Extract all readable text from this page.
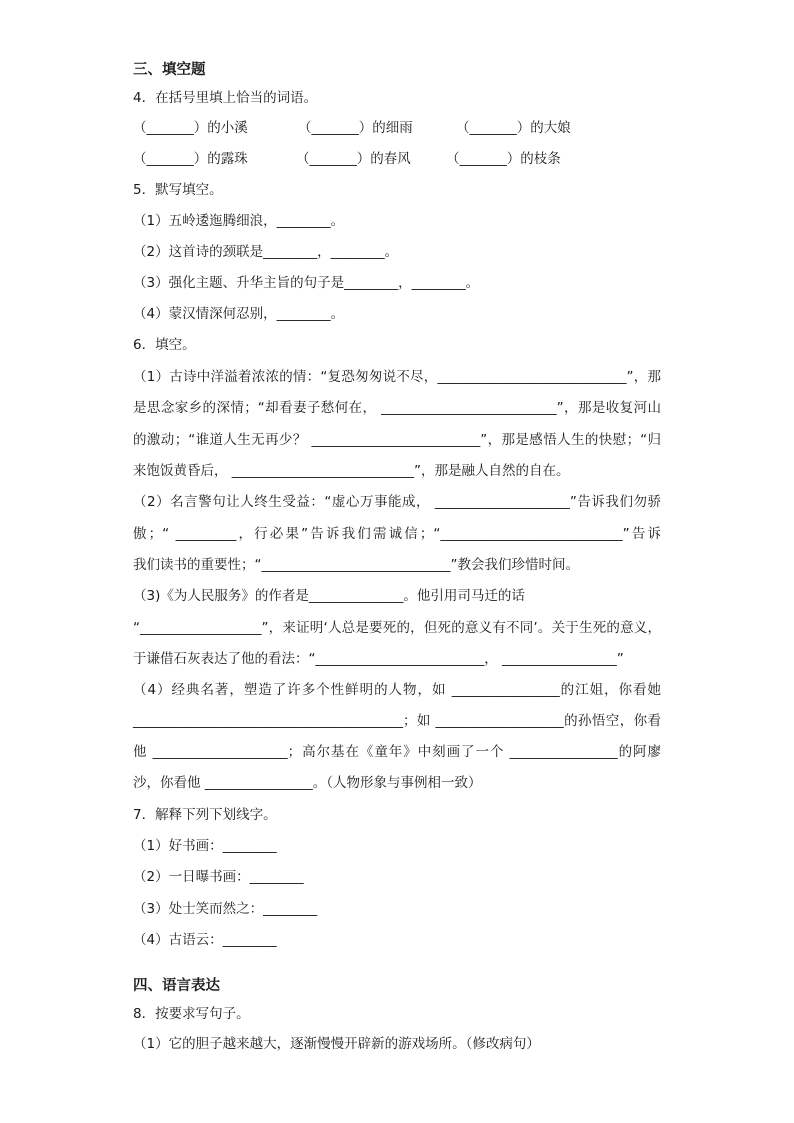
三、填空题
4．在括号里填上恰当的词语。
（_______）的小溪	（_______）的细雨	（_______）的大娘
（_______）的露珠	（_______）的春风	（_______）的枝条
5．默写填空。
（1）五岭逶迤腾细浪，________。
（2）这首诗的颈联是________，________。
（3）强化主题、升华主旨的句子是________，________。
（4）蒙汉情深何忍别，________。
6．填空。
（1）古诗中洋溢着浓浓的情：“复恐匆匆说不尽，____________________________”，那
是思念家乡的深情；“却看妻子愁何在， __________________________”，那是收复河山
的激动；“谁道人生无再少？ _________________________”，那是感悟人生的快慰；“归
来饱饭黄昏后， ___________________________”，那是融人自然的自在。
（2）名言警句让人终生受益：“虚心万事能成， ____________________”告诉我们勿骄
傲；“ _________，行必果”告诉我们需诚信；“___________________________”告诉
我们读书的重要性；“____________________________”教会我们珍惜时间。
（3)《为人民服务》的作者是______________。他引用司马迁的话
“__________________”，来证明‘人总是要死的，但死的意义有不同’。关于生死的意义，
于谦借石灰表达了他的看法：“_________________________， _________________”
（4）经典名著，塑造了许多个性鲜明的人物，如 ________________的江姐，你看她
________________________________________；如 ___________________的孙悟空，你看
他 ____________________；高尔基在《童年》中刻画了一个 ________________的阿廖
沙，你看他 ________________。（人物形象与事例相一致）
7．解释下列下划线字。
（1）好书画：________
（2）一日曝书画：________
（3）处士笑而然之：________
（4）古语云：________
四、语言表达
8．按要求写句子。
（1）它的胆子越来越大，逐渐慢慢开辟新的游戏场所。（修改病句）
